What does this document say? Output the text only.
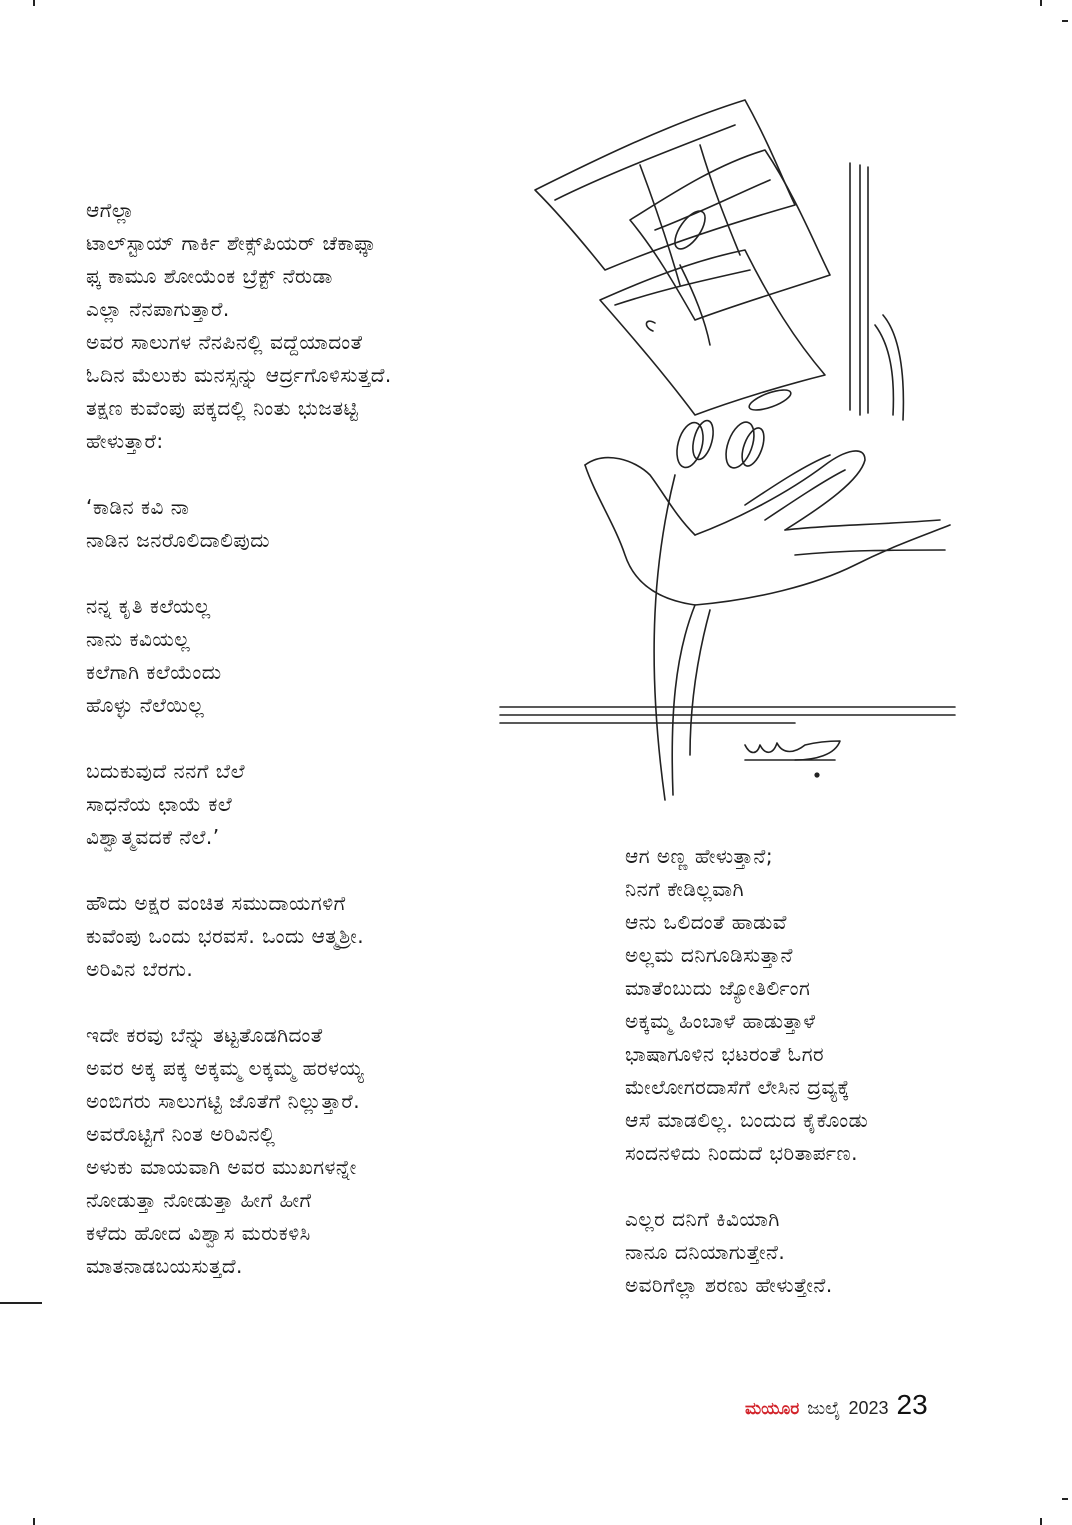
ಆಗೆಲ್ಲಾ
ಟಾಲ್‌ಸ್ಟಾಯ್ ಗಾರ್ಕಿ ಶೇಕ್ಸ್‌ಪಿಯರ್ ಚೆಕಾಫ್ಕಾ
ಫ್ಕ ಕಾಮೂ ಶೋಯೆಂಕ ಬ್ರೆಕ್ಟ್ ನೆರುಡಾ
ಎಲ್ಲಾ ನೆನಪಾಗುತ್ತಾರೆ.
ಅವರ ಸಾಲುಗಳ ನೆನಪಿನಲ್ಲಿ ವದ್ದೆಯಾದಂತೆ
ಓದಿನ ಮೆಲುಕು ಮನಸ್ಸನ್ನು ಆರ್ದ್ರಗೊಳಿಸುತ್ತದೆ.
ತಕ್ಷಣ ಕುವೆಂಪು ಪಕ್ಕದಲ್ಲಿ ನಿಂತು ಭುಜತಟ್ಟಿ
ಹೇಳುತ್ತಾರೆ:
‘ಕಾಡಿನ ಕವಿ ನಾ
ನಾಡಿನ ಜನರೊಲಿದಾಲಿಪುದು
ನನ್ನ ಕೃತಿ ಕಲೆಯಲ್ಲ
ನಾನು ಕವಿಯಲ್ಲ
ಕಲೆಗಾಗಿ ಕಲೆಯೆಂದು
ಹೊಳ್ಳು ನೆಲೆಯಿಲ್ಲ
ಬದುಕುವುದೆ ನನಗೆ ಬೆಲೆ
ಸಾಧನೆಯ ಛಾಯೆ ಕಲೆ
ವಿಶ್ವಾತ್ಮವದಕೆ ನೆಲೆ.’
ಹೌದು ಅಕ್ಷರ ವಂಚಿತ ಸಮುದಾಯಗಳಿಗೆ
ಕುವೆಂಪು ಒಂದು ಭರವಸೆ. ಒಂದು ಆತ್ಮಶ್ರೀ.
ಅರಿವಿನ ಬೆರಗು.
ಇದೇ ಕರವು ಬೆನ್ನು ತಟ್ಟತೊಡಗಿದಂತೆ
ಅವರ ಅಕ್ಕ ಪಕ್ಕ ಅಕ್ಕಮ್ಮ ಲಕ್ಕಮ್ಮ ಹರಳಯ್ಯ
ಅಂಬಿಗರು ಸಾಲುಗಟ್ಟಿ ಜೊತೆಗೆ ನಿಲ್ಲುತ್ತಾರೆ.
ಅವರೊಟ್ಟಿಗೆ ನಿಂತ ಅರಿವಿನಲ್ಲಿ
ಅಳುಕು ಮಾಯವಾಗಿ ಅವರ ಮುಖಗಳನ್ನೇ
ನೋಡುತ್ತಾ ನೋಡುತ್ತಾ ಹೀಗೆ ಹೀಗೆ
ಕಳೆದು ಹೋದ ವಿಶ್ವಾಸ ಮರುಕಳಿಸಿ
ಮಾತನಾಡಬಯಸುತ್ತದೆ.
ಆಗ ಅಣ್ಣ ಹೇಳುತ್ತಾನೆ;
ನಿನಗೆ ಕೇಡಿಲ್ಲವಾಗಿ
ಆನು ಒಲಿದಂತೆ ಹಾಡುವೆ
ಅಲ್ಲಮ ದನಿಗೂಡಿಸುತ್ತಾನೆ
ಮಾತೆಂಬುದು ಜ್ಯೋತಿರ್ಲಿಂಗ
ಅಕ್ಕಮ್ಮ ಹಿಂಬಾಳೆ ಹಾಡುತ್ತಾಳೆ
ಭಾಷಾಗೂಳಿನ ಭಟರಂತೆ ಓಗರ
ಮೇಲೋಗರದಾಸೆಗೆ ಲೇಸಿನ ದ್ರವ್ಯಕ್ಕೆ
ಆಸೆ ಮಾಡಲಿಲ್ಲ. ಬಂದುದ ಕೈಕೊಂಡು
ಸಂದನಳಿದು ನಿಂದುದೆ ಭರಿತಾರ್ಪಣ.
ಎಲ್ಲರ ದನಿಗೆ ಕಿವಿಯಾಗಿ
ನಾನೂ ದನಿಯಾಗುತ್ತೇನೆ.
ಅವರಿಗೆಲ್ಲಾ ಶರಣು ಹೇಳುತ್ತೇನೆ.
ಮಯೂರ ಜುಲೈ 2023 23
